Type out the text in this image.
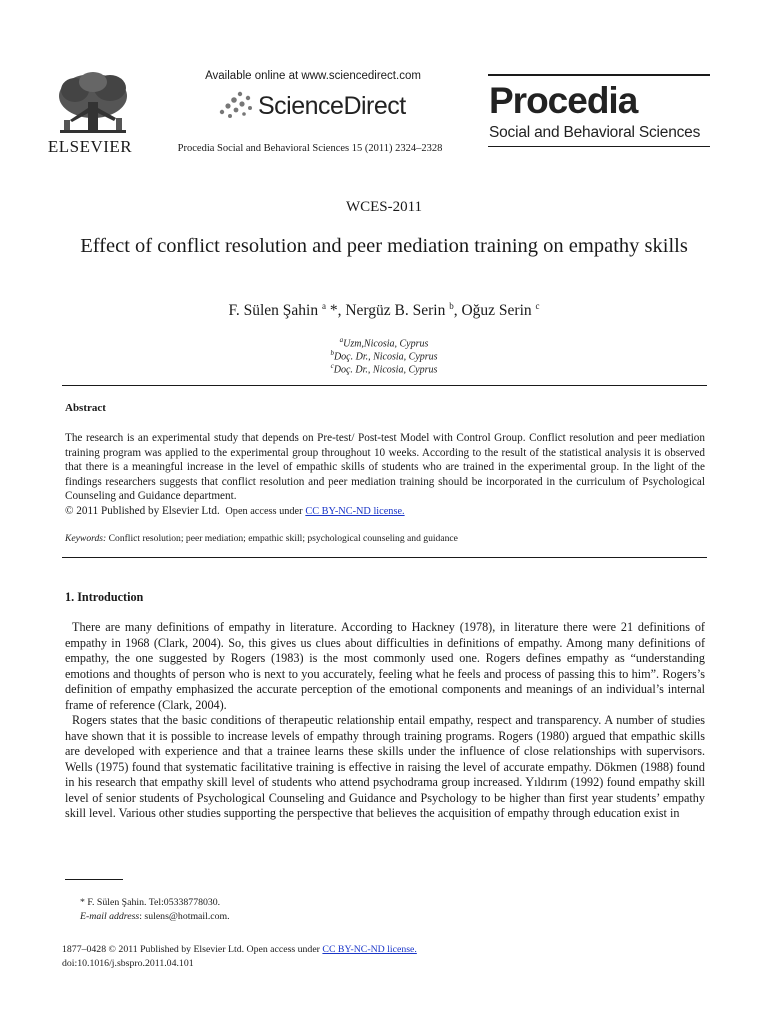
ELSEVIER
Available online at www.sciencedirect.com
ScienceDirect
Procedia Social and Behavioral Sciences 15 (2011) 2324–2328
Procedia
Social and Behavioral Sciences
WCES-2011
Effect of conflict resolution and peer mediation training on empathy skills
F. Sülen Şahin $^a$ *, Nergüz B. Serin $^b$, Oğuz Serin $^c$
$^a$Uzm,Nicosia, Cyprus
$^b$Doç. Dr., Nicosia, Cyprus
$^c$Doç. Dr., Nicosia, Cyprus
Abstract
The research is an experimental study that depends on Pre-test/ Post-test Model with Control Group. Conflict resolution and peer mediation training program was applied to the experimental group throughout 10 weeks. According to the result of the statistical analysis it is observed that there is a meaningful increase in the level of empathic skills of students who are trained in the experimental group. In the light of the findings researchers suggests that conflict resolution and peer mediation training should be incorporated in the curriculum of Psychological Counseling and Guidance department.
© 2011 Published by Elsevier Ltd. Open access under CC BY-NC-ND license.
Keywords: Conflict resolution; peer mediation; empathic skill; psychological counseling and guidance
1. Introduction

There are many definitions of empathy in literature. According to Hackney (1978), in literature there were 21 definitions of empathy in 1968 (Clark, 2004). So, this gives us clues about difficulties in definitions of empathy. Among many definitions of empathy, the one suggested by Rogers (1983) is the most commonly used one. Rogers defines empathy as “understanding emotions and thoughts of person who is next to you accurately, feeling what he feels and process of passing this to him”. Rogers’s definition of empathy emphasized the accurate perception of the emotional components and meanings of an individual’s internal frame of reference (Clark, 2004).

Rogers states that the basic conditions of therapeutic relationship entail empathy, respect and transparency. A number of studies have shown that it is possible to increase levels of empathy through training programs. Rogers (1980) argued that empathic skills are developed with experience and that a trainee learns these skills under the influence of close relationships with supervisors. Wells (1975) found that systematic facilitative training is effective in raising the level of accurate empathy. Dökmen (1988) found in his research that empathy skill level of students who attend psychodrama group increased. Yıldırım (1992) found empathy skill level of senior students of Psychological Counseling and Guidance and Psychology to be higher than first year students’ empathy skill level. Various other studies supporting the perspective that believes the acquisition of empathy through education exist in

* F. Sülen Şahin. Tel:05338778030.
E-mail address: sulens@hotmail.com.
1877–0428 © 2011 Published by Elsevier Ltd. Open access under CC BY-NC-ND license.
doi:10.1016/j.sbspro.2011.04.101
